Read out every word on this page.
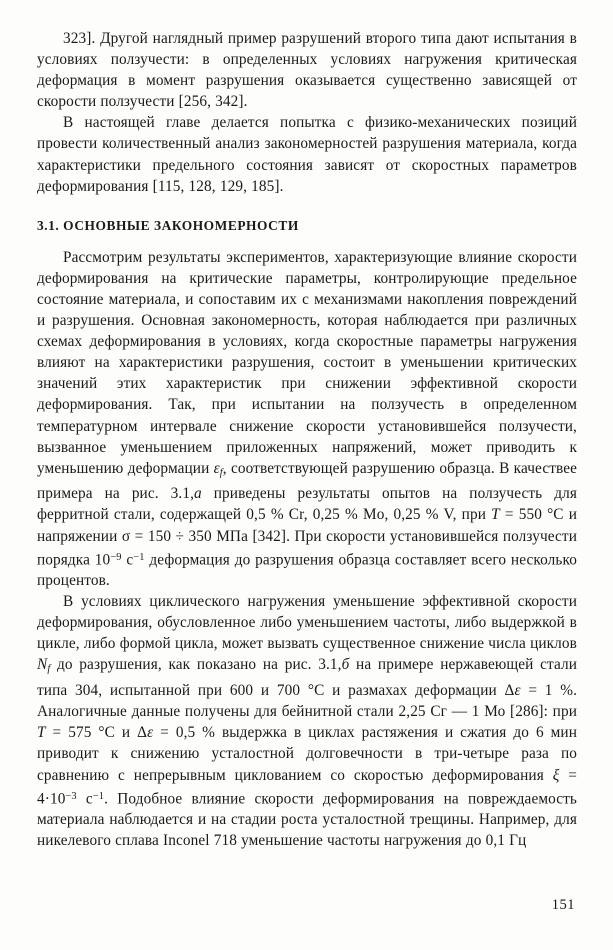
323]. Другой наглядный пример разрушений второго типа дают испытания в условиях ползучести: в определенных условиях нагружения критическая деформация в момент разрушения оказывается существенно зависящей от скорости ползучести [256, 342].

В настоящей главе делается попытка с физико-механических позиций провести количественный анализ закономерностей разрушения материала, когда характеристики предельного состояния зависят от скоростных параметров деформирования [115, 128, 129, 185].

3.1. ОСНОВНЫЕ ЗАКОНОМЕРНОСТИ

Рассмотрим результаты экспериментов, характеризующие влияние скорости деформирования на критические параметры, контролирующие предельное состояние материала, и сопоставим их с механизмами накопления повреждений и разрушения. Основная закономерность, которая наблюдается при различных схемах деформирования в условиях, когда скоростные параметры нагружения влияют на характеристики разрушения, состоит в уменьшении критических значений этих характеристик при снижении эффективной скорости деформирования. Так, при испытании на ползучесть в определенном температурном интервале снижение скорости установившейся ползучести, вызванное уменьшением приложенных напряжений, может приводить к уменьшению деформации $\varepsilon_f$, соответствующей разрушению образца. В качествее примера на рис. 3.1,а приведены результаты опытов на ползучесть для ферритной стали, содержащей 0,5 % Cr, 0,25 % Mo, 0,25 % V, при T = 550 °C и напряжении σ = 150 ÷ 350 МПа [342]. При скорости установившейся ползучести порядка $10^{-9}$ $с^{-1}$ деформация до разрушения образца составляет всего несколько процентов.

В условиях циклического нагружения уменьшение эффективной скорости деформирования, обусловленное либо уменьшением частоты, либо выдержкой в цикле, либо формой цикла, может вызвать существенное снижение числа циклов $N_f$ до разрушения, как показано на рис. 3.1,б на примере нержавеющей стали типа 304, испытанной при 600 и 700 °C и размахах деформации Δε = 1 %. Аналогичные данные получены для бейнитной стали 2,25 Сг — 1 Мо [286]: при T = 575 °C и Δε = 0,5 % выдержка в циклах растяжения и сжатия до 6 мин приводит к снижению усталостной долговечности в три-четыре раза по сравнению с непрерывным циклованием со скоростью деформирования $\xi = 4\cdot 10^{-3}$ $с^{-1}$. Подобное влияние скорости деформирования на повреждаемость материала наблюдается и на стадии роста усталостной трещины. Например, для никелевого сплава Inconel 718 уменьшение частоты нагружения до 0,1 Гц

151
